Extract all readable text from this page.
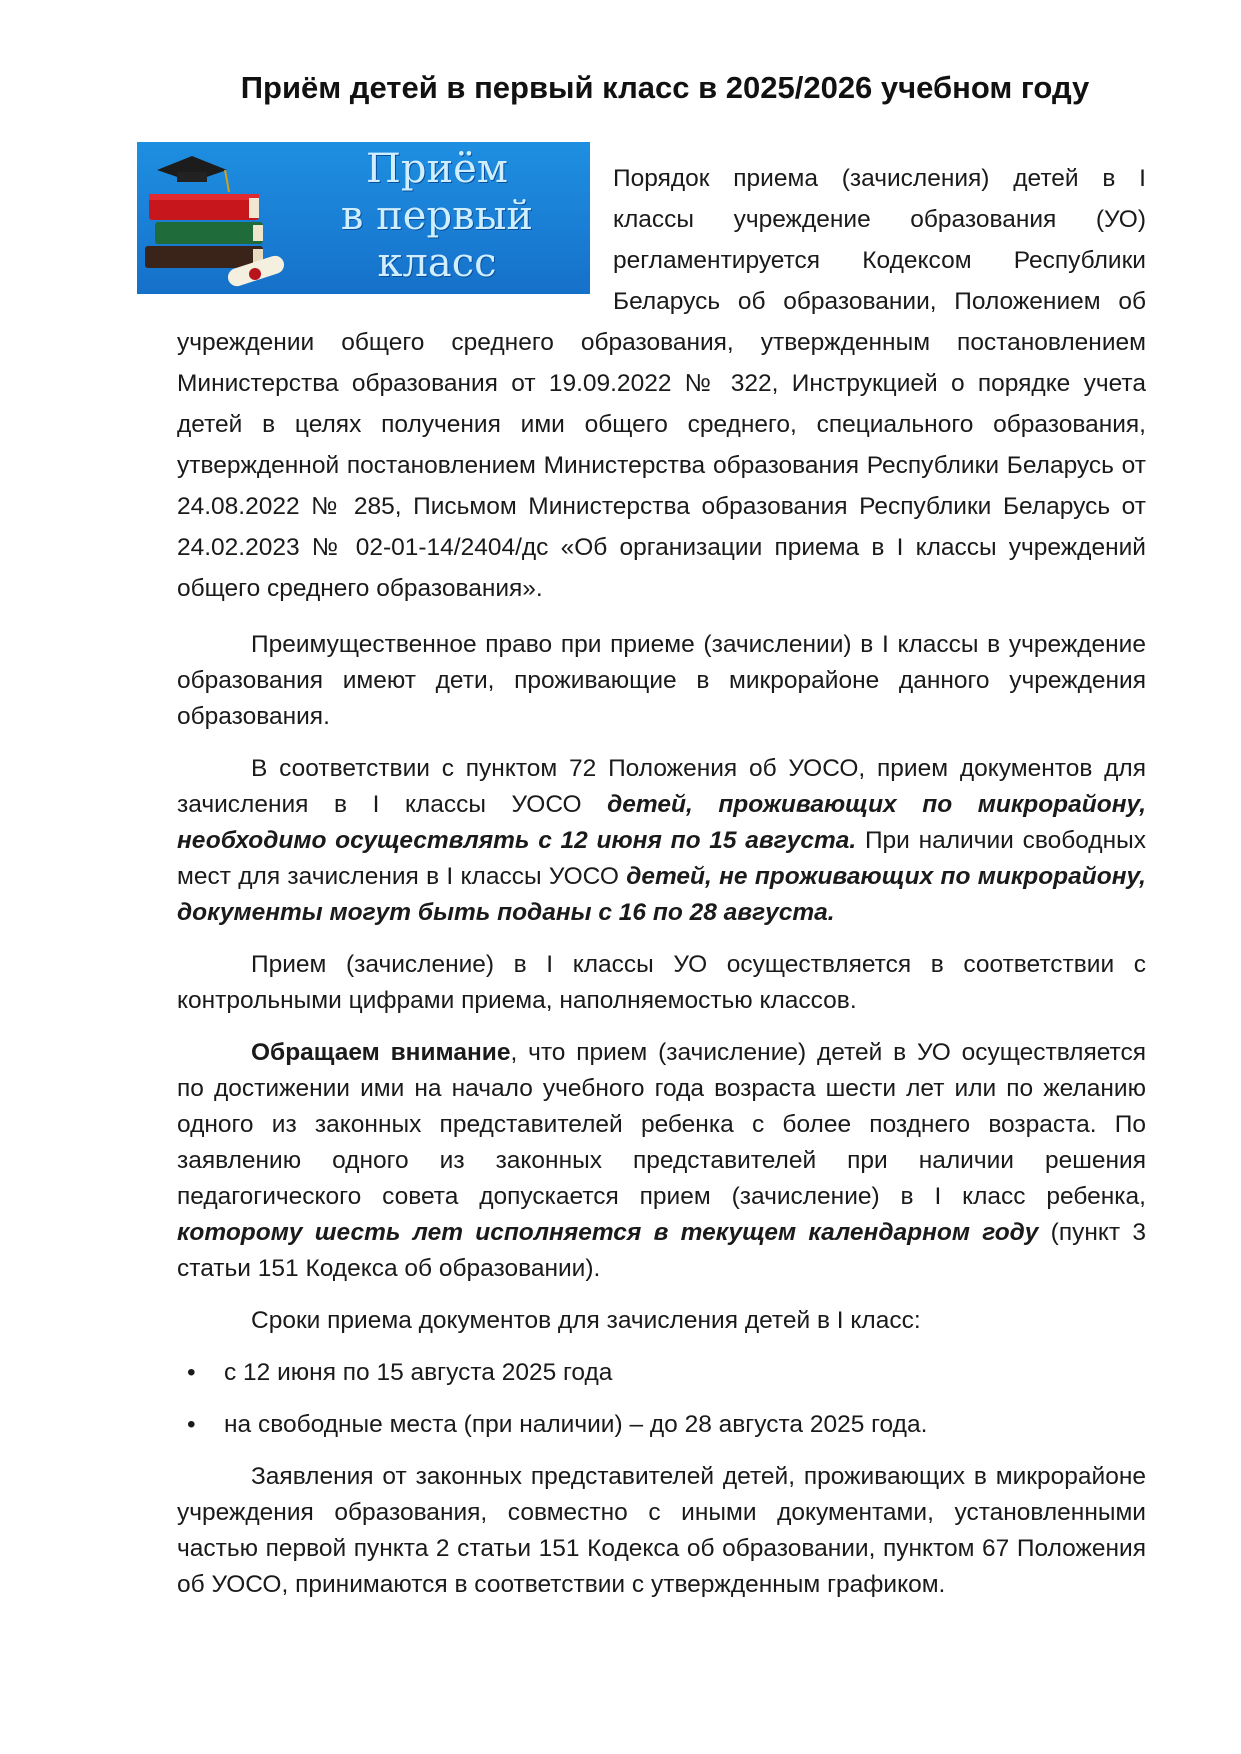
Приём детей в первый класс в 2025/2026 учебном году
Приём
в первый
класс

Порядок приема (зачисления) детей в I классы учреждение образования (УО) регламентируется Кодексом Республики Беларусь об образовании, Положением об учреждении общего среднего образования, утвержденным постановлением Министерства образования от 19.09.2022 № 322, Инструкцией о порядке учета детей в целях получения ими общего среднего, специального образования, утвержденной постановлением Министерства образования Республики Беларусь от 24.08.2022 № 285, Письмом Министерства образования Республики Беларусь от 24.02.2023 № 02-01-14/2404/дс «Об организации приема в I классы учреждений общего среднего образования».

Преимущественное право при приеме (зачислении) в I классы в учреждение образования имеют дети, проживающие в микрорайоне данного учреждения образования.

В соответствии с пунктом 72 Положения об УОСО, прием документов для зачисления в I классы УОСО детей, проживающих по микрорайону, необходимо осуществлять с 12 июня по 15 августа. При наличии свободных мест для зачисления в I классы УОСО детей, не проживающих по микрорайону, документы могут быть поданы с 16 по 28 августа.

Прием (зачисление) в I классы УО осуществляется в соответствии с контрольными цифрами приема, наполняемостью классов.

Обращаем внимание, что прием (зачисление) детей в УО осуществляется по достижении ими на начало учебного года возраста шести лет или по желанию одного из законных представителей ребенка с более позднего возраста. По заявлению одного из законных представителей при наличии решения педагогического совета допускается прием (зачисление) в I класс ребенка, которому шесть лет исполняется в текущем календарном году (пункт 3 статьи 151 Кодекса об образовании).

Сроки приема документов для зачисления детей в I класс:

• с 12 июня по 15 августа 2025 года
• на свободные места (при наличии) – до 28 августа 2025 года.

Заявления от законных представителей детей, проживающих в микрорайоне учреждения образования, совместно с иными документами, установленными частью первой пункта 2 статьи 151 Кодекса об образовании, пунктом 67 Положения об УОСО, принимаются в соответствии с утвержденным графиком.
